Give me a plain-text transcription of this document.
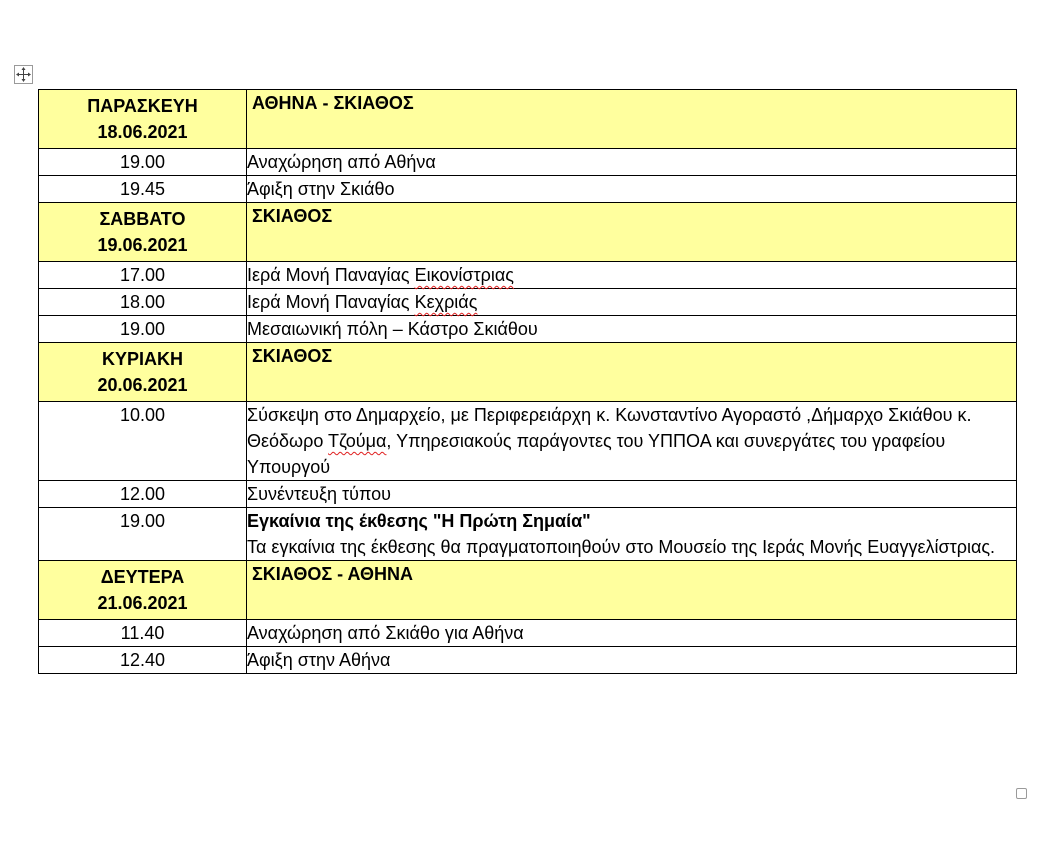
ΠΑΡΑΣΚΕΥΗ
18.06.2021	ΑΘΗΝΑ - ΣΚΙΑΘΟΣ
19.00	Αναχώρηση από Αθήνα
19.45	Άφιξη στην Σκιάθο

ΣΑΒΒΑΤΟ
19.06.2021	ΣΚΙΑΘΟΣ
17.00	Ιερά Μονή Παναγίας Εικονίστριας
18.00	Ιερά Μονή Παναγίας Κεχριάς
19.00	Μεσαιωνική πόλη – Κάστρο Σκιάθου

ΚΥΡΙΑΚΗ
20.06.2021	ΣΚΙΑΘΟΣ
10.00	Σύσκεψη στο Δημαρχείο, με Περιφερειάρχη κ. Κωνσταντίνο Αγοραστό ,Δήμαρχο Σκιάθου κ. Θεόδωρο Τζούμα, Υπηρεσιακούς παράγοντες του ΥΠΠΟΑ και συνεργάτες του γραφείου Υπουργού
12.00	Συνέντευξη τύπου
19.00	Εγκαίνια της έκθεσης "Η Πρώτη Σημαία"
Τα εγκαίνια της έκθεσης θα πραγματοποιηθούν στο Μουσείο της Ιεράς Μονής Ευαγγελίστριας.

ΔΕΥΤΕΡΑ
21.06.2021	ΣΚΙΑΘΟΣ - ΑΘΗΝΑ
11.40	Αναχώρηση από Σκιάθο για Αθήνα
12.40	Άφιξη στην Αθήνα
